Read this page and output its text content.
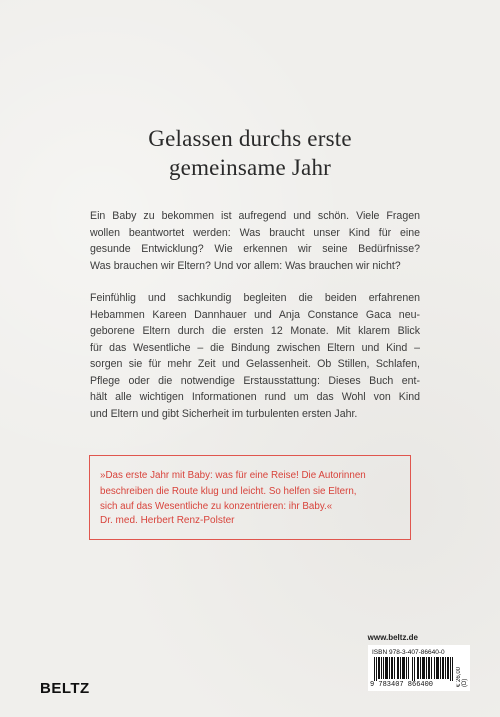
Gelassen durchs erste
gemeinsame Jahr
Ein Baby zu bekommen ist aufregend und schön. Viele Fragen
wollen beantwortet werden: Was braucht unser Kind für eine
gesunde Entwicklung? Wie erkennen wir seine Bedürfnisse?
Was brauchen wir Eltern? Und vor allem: Was brauchen wir nicht?
Feinfühlig und sachkundig begleiten die beiden erfahrenen
Hebammen Kareen Dannhauer und Anja Constance Gaca neu-
geborene Eltern durch die ersten 12 Monate. Mit klarem Blick
für das Wesentliche – die Bindung zwischen Eltern und Kind –
sorgen sie für mehr Zeit und Gelassenheit. Ob Stillen, Schlafen,
Pflege oder die notwendige Erstausstattung: Dieses Buch ent-
hält alle wichtigen Informationen rund um das Wohl von Kind
und Eltern und gibt Sicherheit im turbulenten ersten Jahr.
»Das erste Jahr mit Baby: was für eine Reise! Die Autorinnen
beschreiben die Route klug und leicht. So helfen sie Eltern,
sich auf das Wesentliche zu konzentrieren: ihr Baby.«
Dr. med. Herbert Renz-Polster
www.beltz.de
BELTZ
ISBN 978-3-407-86640-0
9 783407 866400	€ 26,00 (D)
